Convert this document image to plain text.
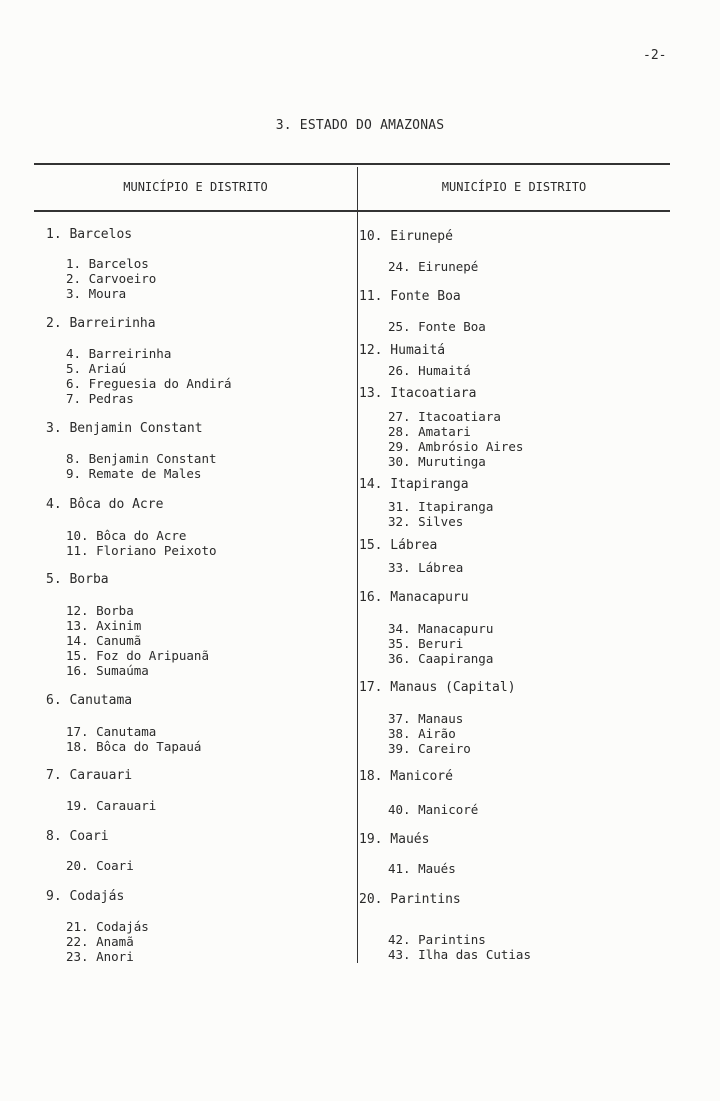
-2-
3. ESTADO DO AMAZONAS
MUNICÍPIO E DISTRITO	MUNICÍPIO E DISTRITO
1. Barcelos
1. Barcelos
2. Carvoeiro
3. Moura
2. Barreirinha
4. Barreirinha
5. Ariaú
6. Freguesia do Andirá
7. Pedras
3. Benjamin Constant
8. Benjamin Constant
9. Remate de Males
4. Bôca do Acre
10. Bôca do Acre
11. Floriano Peixoto
5. Borba
12. Borba
13. Axinim
14. Canumã
15. Foz do Aripuanã
16. Sumaúma
6. Canutama
17. Canutama
18. Bôca do Tapauá
7. Carauari
19. Carauari
8. Coari
20. Coari
9. Codajás
21. Codajás
22. Anamã
23. Anori
10. Eirunepé
24. Eirunepé
11. Fonte Boa
25. Fonte Boa
12. Humaitá
26. Humaitá
13. Itacoatiara
27. Itacoatiara
28. Amatari
29. Ambrósio Aires
30. Murutinga
14. Itapiranga
31. Itapiranga
32. Silves
15. Lábrea
33. Lábrea
16. Manacapuru
34. Manacapuru
35. Beruri
36. Caapiranga
17. Manaus (Capital)
37. Manaus
38. Airão
39. Careiro
18. Manicoré
40. Manicoré
19. Maués
41. Maués
20. Parintins
42. Parintins
43. Ilha das Cutias
